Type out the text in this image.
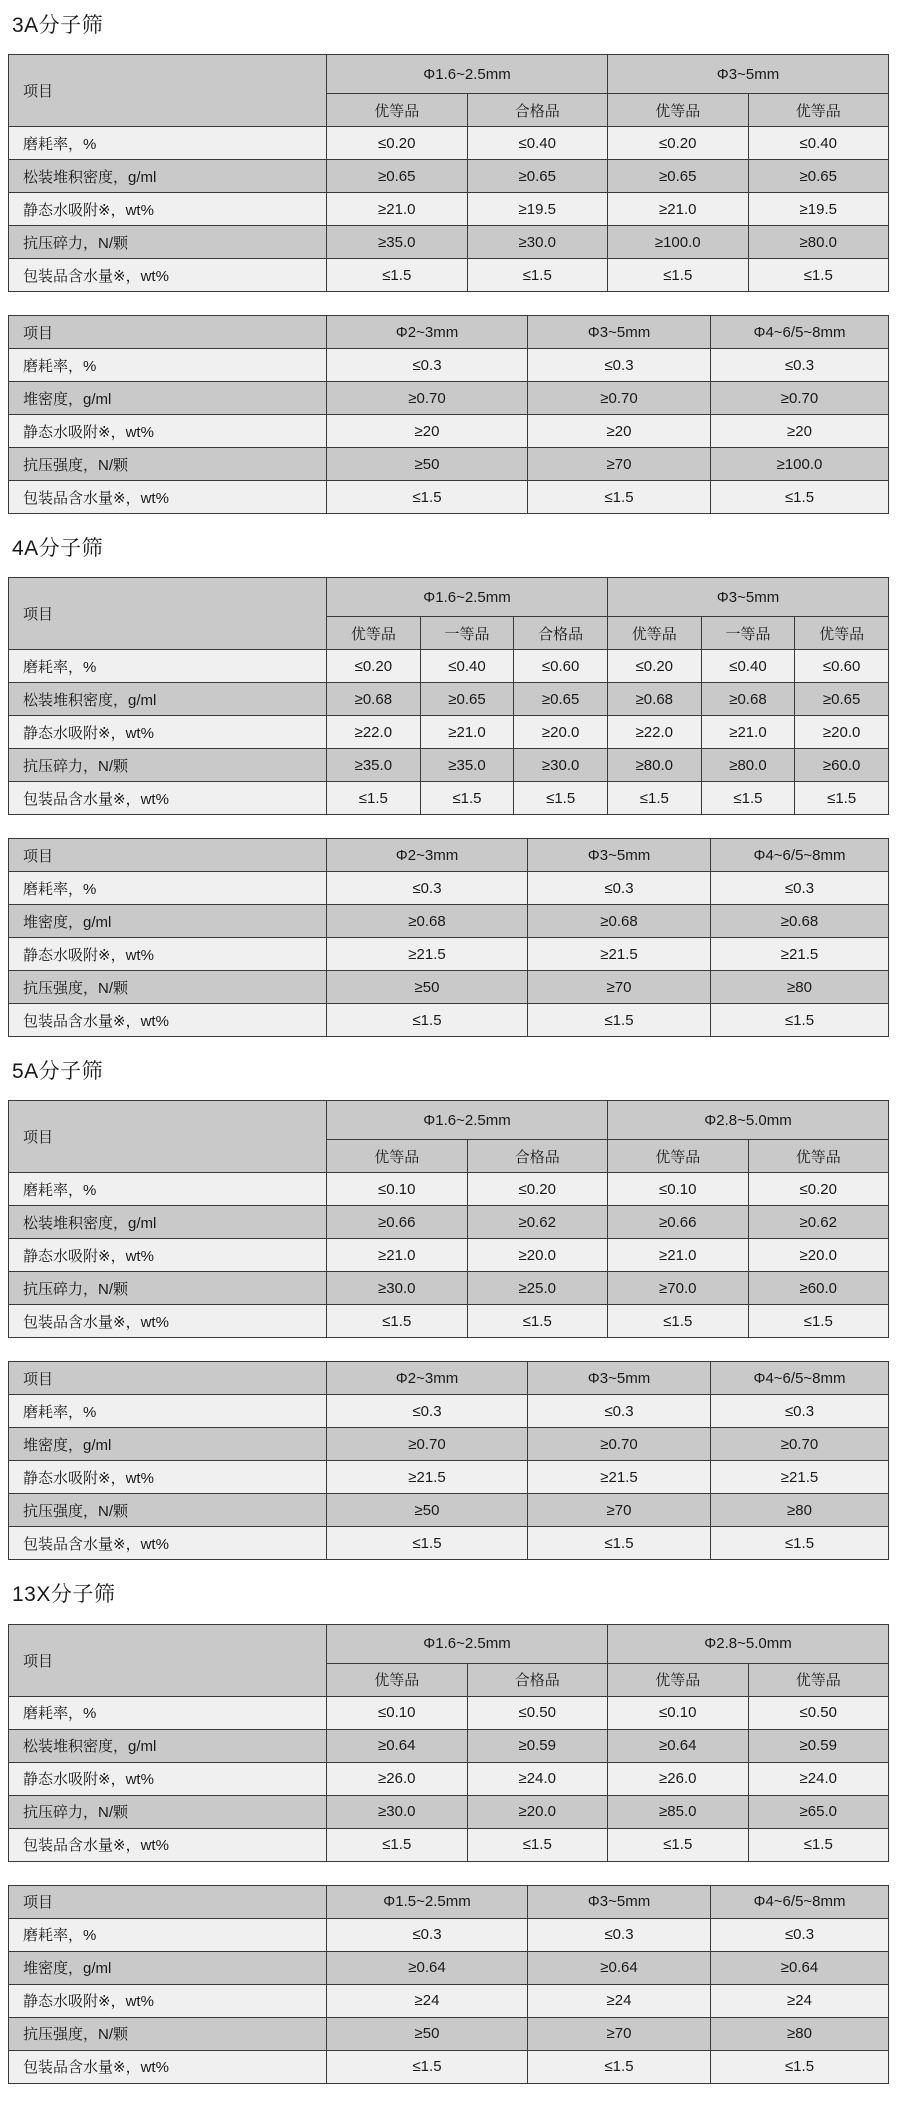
3A分子筛
项目	Φ1.6~2.5mm		Φ3~5mm	
	优等品	合格品	优等品	优等品
磨耗率，%	≤0.20	≤0.40	≤0.20	≤0.40
松装堆积密度，g/ml	≥0.65	≥0.65	≥0.65	≥0.65
静态水吸附※，wt%	≥21.0	≥19.5	≥21.0	≥19.5
抗压碎力，N/颗	≥35.0	≥30.0	≥100.0	≥80.0
包装品含水量※，wt%	≤1.5	≤1.5	≤1.5	≤1.5
项目	Φ2~3mm	Φ3~5mm	Φ4~6/5~8mm
磨耗率，%	≤0.3	≤0.3	≤0.3
堆密度，g/ml	≥0.70	≥0.70	≥0.70
静态水吸附※，wt%	≥20	≥20	≥20
抗压强度，N/颗	≥50	≥70	≥100.0
包装品含水量※，wt%	≤1.5	≤1.5	≤1.5
4A分子筛
项目	Φ1.6~2.5mm			Φ3~5mm		
	优等品	一等品	合格品	优等品	一等品	优等品
磨耗率，%	≤0.20	≤0.40	≤0.60	≤0.20	≤0.40	≤0.60
松装堆积密度，g/ml	≥0.68	≥0.65	≥0.65	≥0.68	≥0.68	≥0.65
静态水吸附※，wt%	≥22.0	≥21.0	≥20.0	≥22.0	≥21.0	≥20.0
抗压碎力，N/颗	≥35.0	≥35.0	≥30.0	≥80.0	≥80.0	≥60.0
包装品含水量※，wt%	≤1.5	≤1.5	≤1.5	≤1.5	≤1.5	≤1.5
项目	Φ2~3mm	Φ3~5mm	Φ4~6/5~8mm
磨耗率，%	≤0.3	≤0.3	≤0.3
堆密度，g/ml	≥0.68	≥0.68	≥0.68
静态水吸附※，wt%	≥21.5	≥21.5	≥21.5
抗压强度，N/颗	≥50	≥70	≥80
包装品含水量※，wt%	≤1.5	≤1.5	≤1.5
5A分子筛
项目	Φ1.6~2.5mm		Φ2.8~5.0mm	
	优等品	合格品	优等品	优等品
磨耗率，%	≤0.10	≤0.20	≤0.10	≤0.20
松装堆积密度，g/ml	≥0.66	≥0.62	≥0.66	≥0.62
静态水吸附※，wt%	≥21.0	≥20.0	≥21.0	≥20.0
抗压碎力，N/颗	≥30.0	≥25.0	≥70.0	≥60.0
包装品含水量※，wt%	≤1.5	≤1.5	≤1.5	≤1.5
项目	Φ2~3mm	Φ3~5mm	Φ4~6/5~8mm
磨耗率，%	≤0.3	≤0.3	≤0.3
堆密度，g/ml	≥0.70	≥0.70	≥0.70
静态水吸附※，wt%	≥21.5	≥21.5	≥21.5
抗压强度，N/颗	≥50	≥70	≥80
包装品含水量※，wt%	≤1.5	≤1.5	≤1.5
13X分子筛
项目	Φ1.6~2.5mm		Φ2.8~5.0mm	
	优等品	合格品	优等品	优等品
磨耗率，%	≤0.10	≤0.50	≤0.10	≤0.50
松装堆积密度，g/ml	≥0.64	≥0.59	≥0.64	≥0.59
静态水吸附※，wt%	≥26.0	≥24.0	≥26.0	≥24.0
抗压碎力，N/颗	≥30.0	≥20.0	≥85.0	≥65.0
包装品含水量※，wt%	≤1.5	≤1.5	≤1.5	≤1.5
项目	Φ1.5~2.5mm	Φ3~5mm	Φ4~6/5~8mm
磨耗率，%	≤0.3	≤0.3	≤0.3
堆密度，g/ml	≥0.64	≥0.64	≥0.64
静态水吸附※，wt%	≥24	≥24	≥24
抗压强度，N/颗	≥50	≥70	≥80
包装品含水量※，wt%	≤1.5	≤1.5	≤1.5
